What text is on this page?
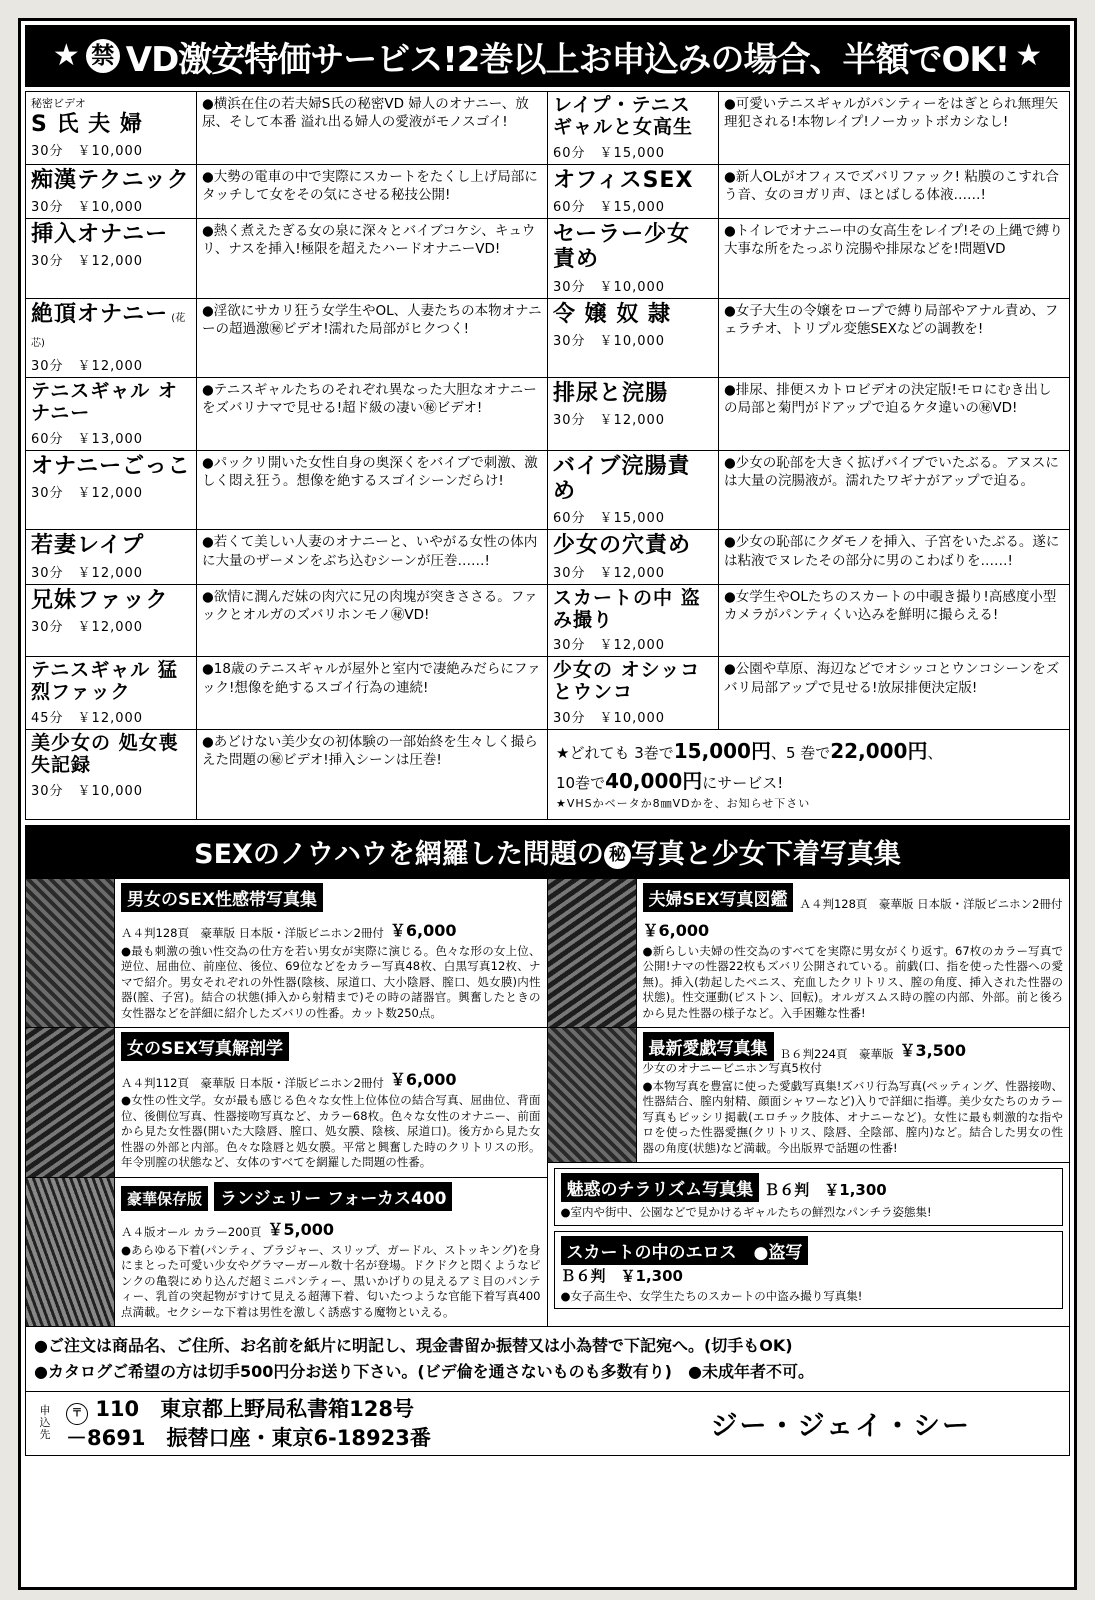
★ 禁 VD激安特価サービス!2巻以上お申込みの場合、半額でOK! ★
秘密ビデオ
S 氏 夫 婦
30分　￥10,000
	●横浜在住の若夫婦S氏の秘密VD 婦人のオナニー、放尿、そして本番 溢れ出る婦人の愛液がモノスゴイ!	
レイプ・テニス ギャルと女高生
60分　￥15,000
	●可愛いテニスギャルがパンティーをはぎとられ無理矢理犯される!本物レイプ!ノーカットボカシなし!

痴漢テクニック
30分　￥10,000
	●大勢の電車の中で実際にスカートをたくし上げ局部にタッチして女をその気にさせる秘技公開!	
オフィスSEX
60分　￥15,000
	●新人OLがオフィスでズバリファック! 粘膜のこすれ合う音、女のヨガリ声、ほとばしる体液……!

挿入オナニー
30分　￥12,000
	●熱く煮えたぎる女の泉に深々とバイブコケシ、キュウリ、ナスを挿入!極限を超えたハードオナニーVD!	
セーラー少女責め
30分　￥10,000
	●トイレでオナニー中の女高生をレイプ!その上縄で縛り大事な所をたっぷり浣腸や排尿などを!問題VD

絶頂オナニー (花芯)
30分　￥12,000
	●淫欲にサカリ狂う女学生やOL、人妻たちの本物オナニーの超過激㊙ビデオ!濡れた局部がヒクつく!	
令 嬢 奴 隷
30分　￥10,000
	●女子大生の令嬢をロープで縛り局部やアナル責め、フェラチオ、トリプル変態SEXなどの調教を!

テニスギャル オナニー
60分　￥13,000
	●テニスギャルたちのそれぞれ異なった大胆なオナニーをズバリナマで見せる!超ド級の凄い㊙ビデオ!	
排尿と浣腸
30分　￥12,000
	●排尿、排便スカトロビデオの決定版!モロにむき出しの局部と菊門がドアップで迫るケタ違いの㊙VD!

オナニーごっこ
30分　￥12,000
	●パックリ開いた女性自身の奥深くをバイブで刺激、激しく悶え狂う。想像を絶するスゴイシーンだらけ!	
バイブ浣腸責め
60分　￥15,000
	●少女の恥部を大きく拡げバイブでいたぶる。アヌスには大量の浣腸液が。濡れたワギナがアップで迫る。

若妻レイプ
30分　￥12,000
	●若くて美しい人妻のオナニーと、いやがる女性の体内に大量のザーメンをぶち込むシーンが圧巻……!	
少女の穴責め
30分　￥12,000
	●少女の恥部にクダモノを挿入、子宮をいたぶる。遂には粘液でヌレたその部分に男のこわばりを……!

兄妹ファック
30分　￥12,000
	●欲情に潤んだ妹の肉穴に兄の肉塊が突きささる。ファックとオルガのズバリホンモノ㊙VD!	
スカートの中 盗み撮り
30分　￥12,000
	●女学生やOLたちのスカートの中覗き撮り!高感度小型カメラがパンティくい込みを鮮明に撮らえる!

テニスギャル 猛烈ファック
45分　￥12,000
	●18歳のテニスギャルが屋外と室内で凄絶みだらにファック!想像を絶するスゴイ行為の連続!	
少女の オシッコとウンコ
30分　￥10,000
	●公園や草原、海辺などでオシッコとウンコシーンをズバリ局部アップで見せる!放尿排便決定版!

美少女の 処女喪失記録
30分　￥10,000
	●あどけない美少女の初体験の一部始終を生々しく撮らえた問題の㊙ビデオ!挿入シーンは圧巻!	★どれても 3巻で15,000円、5 巻で22,000円、
10巻で40,000円にサービス!
★VHSかベータか8㎜VDかを、お知らせ下さい
SEXのノウハウを網羅した問題の 秘 写真と少女下着写真集
男女のSEX性感帯写真集
Ａ４判128頁　豪華版 日本版・洋版ビニホン2冊付 ￥6,000
●最も刺激の強い性交為の仕方を若い男女が実際に演じる。色々な形の女上位、逆位、屈曲位、前座位、後位、69位などをカラー写真48枚、白黒写真12枚、ナマで紹介。男女それぞれの外性器(陰核、尿道口、大小陰唇、膣口、処女膜)内性器(膣、子宮)。結合の状態(挿入から射精まで)その時の諸器官。興奮したときの女性器などを詳細に紹介したズバリの性番。カット数250点。
女のSEX写真解剖学
Ａ４判112頁　豪華版 日本版・洋版ビニホン2冊付 ￥6,000
●女性の性文学。女が最も感じる色々な女性上位体位の結合写真、屈曲位、背面位、後側位写真、性器接吻写真など、カラー68枚。色々な女性のオナニー、前面から見た女性器(開いた大陰唇、膣口、処女膜、陰核、尿道口)。後方から見た女性器の外部と内部。色々な陰唇と処女膜。平常と興奮した時のクリトリスの形。年令別膣の状態など、女体のすべてを網羅した問題の性番。
豪華保存版	ランジェリー フォーカス400
Ａ４版オール カラー200頁 ￥5,000
●あらゆる下着(パンティ、ブラジャー、スリップ、ガードル、ストッキング)を身にまとった可愛い少女やグラマーガール数十名が登場。ドクドクと悶くようなピンクの亀裂にめり込んだ超ミニパンティー、黒いかげりの見えるアミ目のパンティー、乳首の突起物がすけて見える超薄下着、匂いたつような官能下着写真400点満載。セクシーな下着は男性を激しく誘惑する魔物といえる。
夫婦SEX写真図鑑	Ａ４判128頁　豪華版 日本版・洋版ビニホン2冊付
￥6,000
●新らしい夫婦の性交為のすべてを実際に男女がくり返す。67枚のカラー写真で公開!ナマの性器22枚もズバリ公開されている。前戯(口、指を使った性器への愛無)。挿入(勃起したペニス、充血したクリトリス、膣の角度、挿入された性器の状態)。性交運動(ピストン、回転)。オルガスムス時の膣の内部、外部。前と後ろから見た性器の様子など。入手困難な性番!
最新愛戯写真集	Ｂ６判224頁　豪華版 ￥3,500
少女のオナニービニホン写真5枚付
●本物写真を豊富に使った愛戯写真集!ズバリ行為写真(ペッティング、性器接吻、性器結合、膣内射精、顔面シャワーなど)入りで詳細に指導。美少女たちのカラー写真もビッシリ掲載(エロチック肢体、オナニーなど)。女性に最も刺激的な指やロを使った性器愛撫(クリトリス、陰唇、全陰部、膣内)など。結合した男女の性器の角度(状態)など満載。今出版界で話題の性番!
魅惑のチラリズム写真集 Ｂ６判　￥1,300
●室内や街中、公園などで見かけるギャルたちの鮮烈なパンチラ姿態集!
スカートの中のエロス　●盗写
Ｂ６判　￥1,300
●女子高生や、女学生たちのスカートの中盗み撮り写真集!
●ご注文は商品名、ご住所、お名前を紙片に明記し、現金書留か振替又は小為替で下記宛へ。(切手もOK)
●カタログご希望の方は切手500円分お送り下さい。(ビデ倫を通さないものも多数有り)　●未成年者不可。
申
込
先
〒 110　東京都上野局私書箱128号
－8691　振替口座・東京6-18923番	ジー・ジェイ・シー
